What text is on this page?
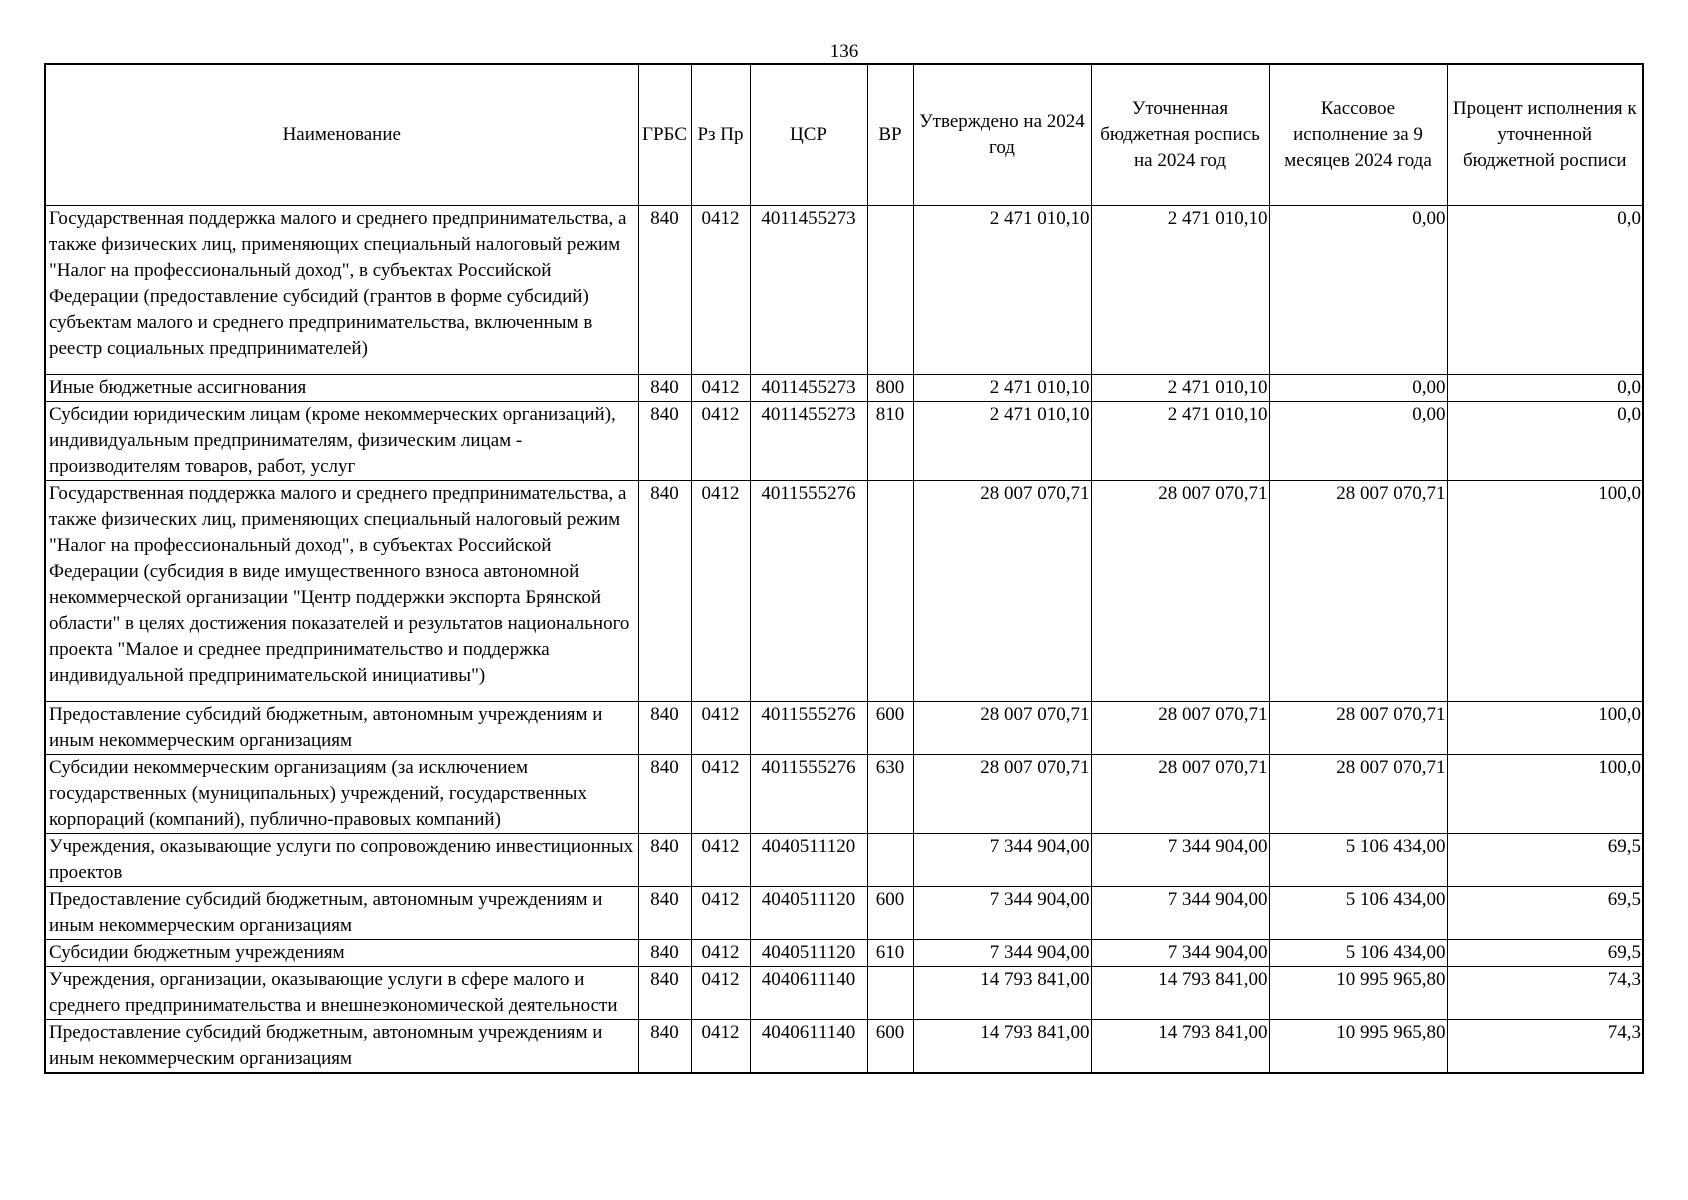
136
Наименование	ГРБС	Рз Пр	ЦСР	ВР	Утверждено на 2024 год	Уточненная бюджетная роспись на 2024 год	Кассовое исполнение за 9 месяцев 2024 года	Процент исполнения к уточненной бюджетной росписи
Государственная поддержка малого и среднего предпринимательства, а также физических лиц, применяющих специальный налоговый режим "Налог на профессиональный доход", в субъектах Российской Федерации (предоставление субсидий (грантов в форме субсидий) субъектам малого и среднего предпринимательства, включенным в реестр социальных предпринимателей)	840	0412	4011455273		2 471 010,10	2 471 010,10	0,00	0,0
Иные бюджетные ассигнования	840	0412	4011455273	800	2 471 010,10	2 471 010,10	0,00	0,0
Субсидии юридическим лицам (кроме некоммерческих организаций), индивидуальным предпринимателям, физическим лицам - производителям товаров, работ, услуг	840	0412	4011455273	810	2 471 010,10	2 471 010,10	0,00	0,0
Государственная поддержка малого и среднего предпринимательства, а также физических лиц, применяющих специальный налоговый режим "Налог на профессиональный доход", в субъектах Российской Федерации (субсидия в виде имущественного взноса автономной некоммерческой организации "Центр поддержки экспорта Брянской области" в целях достижения показателей и результатов национального проекта "Малое и среднее предпринимательство и поддержка индивидуальной предпринимательской инициативы")	840	0412	4011555276		28 007 070,71	28 007 070,71	28 007 070,71	100,0
Предоставление субсидий бюджетным, автономным учреждениям и иным некоммерческим организациям	840	0412	4011555276	600	28 007 070,71	28 007 070,71	28 007 070,71	100,0
Субсидии некоммерческим организациям (за исключением государственных (муниципальных) учреждений, государственных корпораций (компаний), публично-правовых компаний)	840	0412	4011555276	630	28 007 070,71	28 007 070,71	28 007 070,71	100,0
Учреждения, оказывающие услуги по сопровождению инвестиционных проектов	840	0412	4040511120		7 344 904,00	7 344 904,00	5 106 434,00	69,5
Предоставление субсидий бюджетным, автономным учреждениям и иным некоммерческим организациям	840	0412	4040511120	600	7 344 904,00	7 344 904,00	5 106 434,00	69,5
Субсидии бюджетным учреждениям	840	0412	4040511120	610	7 344 904,00	7 344 904,00	5 106 434,00	69,5
Учреждения, организации, оказывающие услуги в сфере малого и среднего предпринимательства и внешнеэкономической деятельности	840	0412	4040611140		14 793 841,00	14 793 841,00	10 995 965,80	74,3
Предоставление субсидий бюджетным, автономным учреждениям и иным некоммерческим организациям	840	0412	4040611140	600	14 793 841,00	14 793 841,00	10 995 965,80	74,3
